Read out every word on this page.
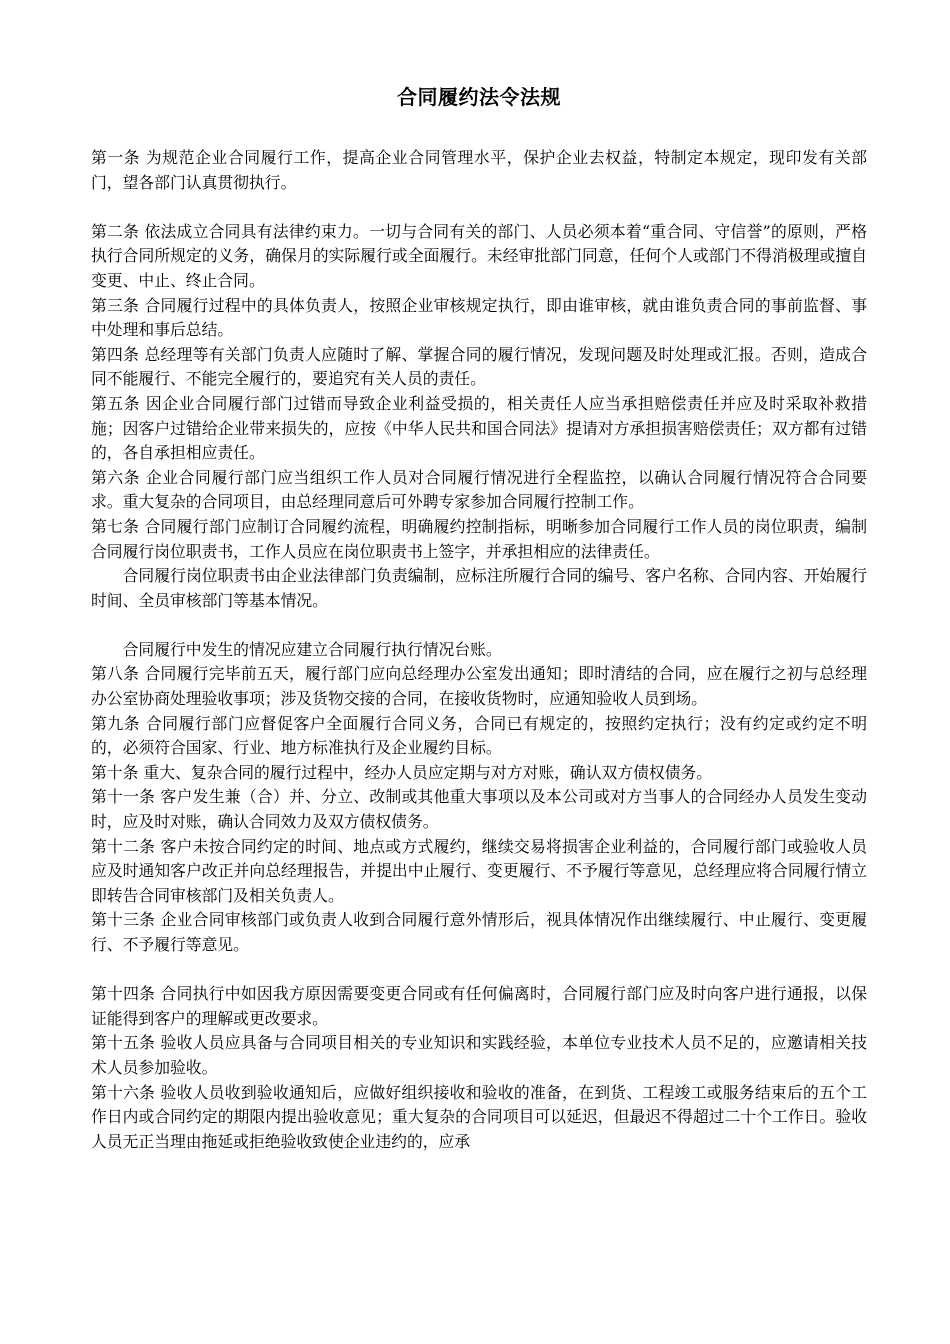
合同履约法令法规

第一条 为规范企业合同履行工作，提高企业合同管理水平，保护企业去权益，特制定本规定，现印发有关部门，望各部门认真贯彻执行。

第二条 依法成立合同具有法律约束力。一切与合同有关的部门、人员必须本着“重合同、守信誉”的原则，严格执行合同所规定的义务，确保月的实际履行或全面履行。未经审批部门同意，任何个人或部门不得消极理或擅自变更、中止、终止合同。

第三条 合同履行过程中的具体负责人，按照企业审核规定执行，即由谁审核，就由谁负责合同的事前监督、事中处理和事后总结。

第四条 总经理等有关部门负责人应随时了解、掌握合同的履行情况，发现问题及时处理或汇报。否则，造成合同不能履行、不能完全履行的，要追究有关人员的责任。

第五条 因企业合同履行部门过错而导致企业利益受损的，相关责任人应当承担赔偿责任并应及时采取补救措施；因客户过错给企业带来损失的，应按《中华人民共和国合同法》提请对方承担损害赔偿责任；双方都有过错的，各自承担相应责任。

第六条 企业合同履行部门应当组织工作人员对合同履行情况进行全程监控，以确认合同履行情况符合合同要求。重大复杂的合同项目，由总经理同意后可外聘专家参加合同履行控制工作。

第七条 合同履行部门应制订合同履约流程，明确履约控制指标，明晰参加合同履行工作人员的岗位职责，编制合同履行岗位职责书，工作人员应在岗位职责书上签字，并承担相应的法律责任。

合同履行岗位职责书由企业法律部门负责编制，应标注所履行合同的编号、客户名称、合同内容、开始履行时间、全员审核部门等基本情况。

合同履行中发生的情况应建立合同履行执行情况台账。

第八条 合同履行完毕前五天，履行部门应向总经理办公室发出通知；即时清结的合同，应在履行之初与总经理办公室协商处理验收事项；涉及货物交接的合同，在接收货物时，应通知验收人员到场。

第九条 合同履行部门应督促客户全面履行合同义务，合同已有规定的，按照约定执行；没有约定或约定不明的，必须符合国家、行业、地方标准执行及企业履约目标。

第十条 重大、复杂合同的履行过程中，经办人员应定期与对方对账，确认双方债权债务。

第十一条 客户发生兼（合）并、分立、改制或其他重大事项以及本公司或对方当事人的合同经办人员发生变动时，应及时对账，确认合同效力及双方债权债务。

第十二条 客户未按合同约定的时间、地点或方式履约，继续交易将损害企业利益的，合同履行部门或验收人员应及时通知客户改正并向总经理报告，并提出中止履行、变更履行、不予履行等意见，总经理应将合同履行情立即转告合同审核部门及相关负责人。

第十三条 企业合同审核部门或负责人收到合同履行意外情形后，视具体情况作出继续履行、中止履行、变更履行、不予履行等意见。

第十四条 合同执行中如因我方原因需要变更合同或有任何偏离时，合同履行部门应及时向客户进行通报，以保证能得到客户的理解或更改要求。

第十五条 验收人员应具备与合同项目相关的专业知识和实践经验，本单位专业技术人员不足的，应邀请相关技术人员参加验收。

第十六条 验收人员收到验收通知后，应做好组织接收和验收的准备，在到货、工程竣工或服务结束后的五个工作日内或合同约定的期限内提出验收意见；重大复杂的合同项目可以延迟，但最迟不得超过二十个工作日。验收人员无正当理由拖延或拒绝验收致使企业违约的，应承
